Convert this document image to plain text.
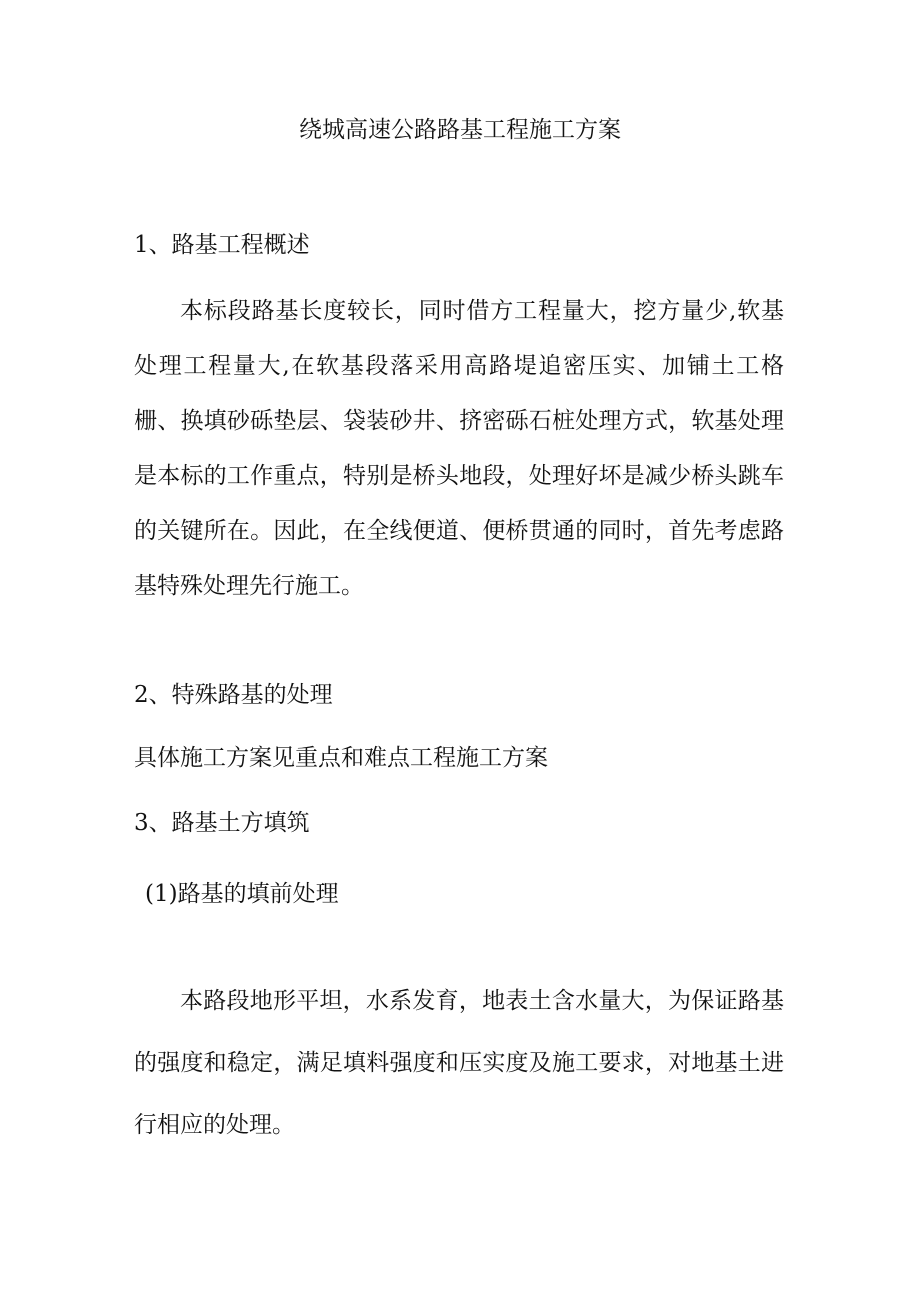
绕城高速公路路基工程施工方案
1、路基工程概述

本标段路基长度较长，同时借方工程量大，挖方量少,软基处理工程量大,在软基段落采用高路堤追密压实、加铺土工格栅、换填砂砾垫层、袋装砂井、挤密砾石桩处理方式，软基处理是本标的工作重点，特别是桥头地段，处理好坏是减少桥头跳车的关键所在。因此，在全线便道、便桥贯通的同时，首先考虑路基特殊处理先行施工。

2、特殊路基的处理
具体施工方案见重点和难点工程施工方案
3、路基土方填筑
(1)路基的填前处理

本路段地形平坦，水系发育，地表土含水量大，为保证路基的强度和稳定，满足填料强度和压实度及施工要求，对地基土进行相应的处理。
